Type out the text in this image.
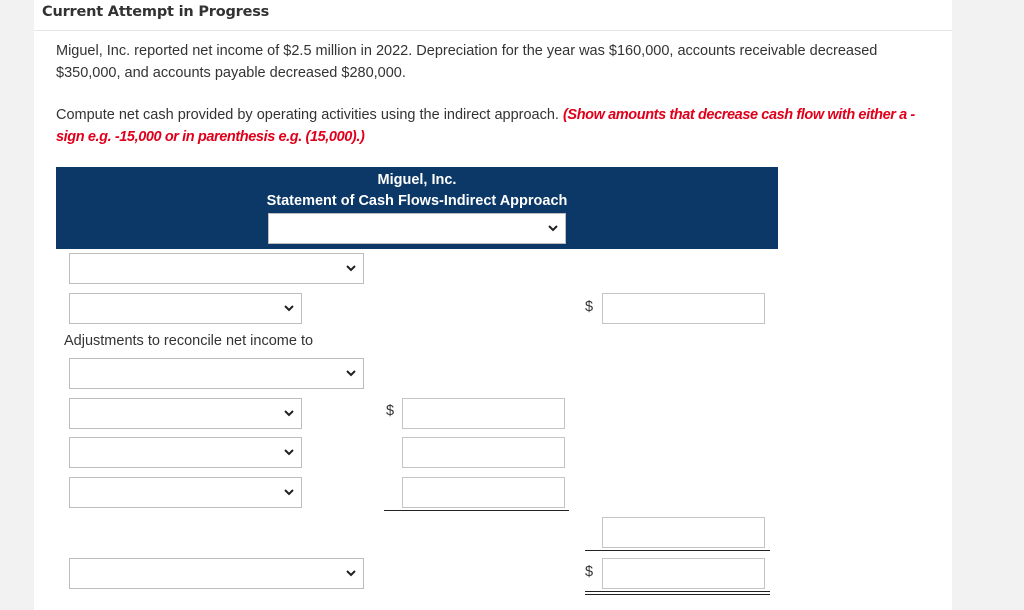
Current Attempt in Progress
Miguel, Inc. reported net income of $2.5 million in 2022. Depreciation for the year was $160,000, accounts receivable decreased $350,000, and accounts payable decreased $280,000.
Compute net cash provided by operating activities using the indirect approach. (Show amounts that decrease cash flow with either a - sign e.g. -15,000 or in parenthesis e.g. (15,000).)
Miguel, Inc.
Statement of Cash Flows-Indirect Approach
$
Adjustments to reconcile net income to
$
$
